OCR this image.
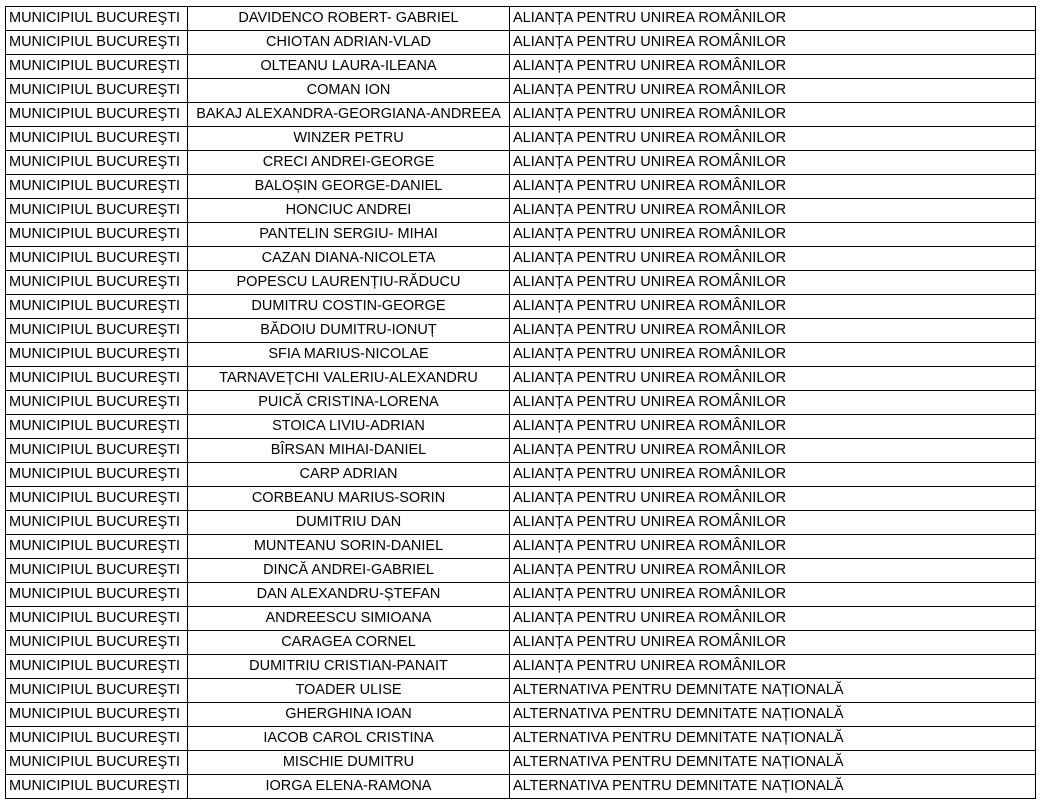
MUNICIPIUL BUCUREŞTI	DAVIDENCO ROBERT- GABRIEL	ALIANȚA PENTRU UNIREA ROMÂNILOR
MUNICIPIUL BUCUREŞTI	CHIOTAN ADRIAN-VLAD	ALIANȚA PENTRU UNIREA ROMÂNILOR
MUNICIPIUL BUCUREŞTI	OLTEANU LAURA-ILEANA	ALIANȚA PENTRU UNIREA ROMÂNILOR
MUNICIPIUL BUCUREŞTI	COMAN ION	ALIANȚA PENTRU UNIREA ROMÂNILOR
MUNICIPIUL BUCUREŞTI	BAKAJ ALEXANDRA-GEORGIANA-ANDREEA	ALIANȚA PENTRU UNIREA ROMÂNILOR
MUNICIPIUL BUCUREŞTI	WINZER PETRU	ALIANȚA PENTRU UNIREA ROMÂNILOR
MUNICIPIUL BUCUREŞTI	CRECI ANDREI-GEORGE	ALIANȚA PENTRU UNIREA ROMÂNILOR
MUNICIPIUL BUCUREŞTI	BALOȘIN GEORGE-DANIEL	ALIANȚA PENTRU UNIREA ROMÂNILOR
MUNICIPIUL BUCUREŞTI	HONCIUC ANDREI	ALIANȚA PENTRU UNIREA ROMÂNILOR
MUNICIPIUL BUCUREŞTI	PANTELIN SERGIU- MIHAI	ALIANȚA PENTRU UNIREA ROMÂNILOR
MUNICIPIUL BUCUREŞTI	CAZAN DIANA-NICOLETA	ALIANȚA PENTRU UNIREA ROMÂNILOR
MUNICIPIUL BUCUREŞTI	POPESCU LAURENȚIU-RĂDUCU	ALIANȚA PENTRU UNIREA ROMÂNILOR
MUNICIPIUL BUCUREŞTI	DUMITRU COSTIN-GEORGE	ALIANȚA PENTRU UNIREA ROMÂNILOR
MUNICIPIUL BUCUREŞTI	BĂDOIU DUMITRU-IONUȚ	ALIANȚA PENTRU UNIREA ROMÂNILOR
MUNICIPIUL BUCUREŞTI	SFIA MARIUS-NICOLAE	ALIANȚA PENTRU UNIREA ROMÂNILOR
MUNICIPIUL BUCUREŞTI	TARNAVEȚCHI VALERIU-ALEXANDRU	ALIANȚA PENTRU UNIREA ROMÂNILOR
MUNICIPIUL BUCUREŞTI	PUICĂ CRISTINA-LORENA	ALIANȚA PENTRU UNIREA ROMÂNILOR
MUNICIPIUL BUCUREŞTI	STOICA LIVIU-ADRIAN	ALIANȚA PENTRU UNIREA ROMÂNILOR
MUNICIPIUL BUCUREŞTI	BÎRSAN MIHAI-DANIEL	ALIANȚA PENTRU UNIREA ROMÂNILOR
MUNICIPIUL BUCUREŞTI	CARP ADRIAN	ALIANȚA PENTRU UNIREA ROMÂNILOR
MUNICIPIUL BUCUREŞTI	CORBEANU MARIUS-SORIN	ALIANȚA PENTRU UNIREA ROMÂNILOR
MUNICIPIUL BUCUREŞTI	DUMITRIU DAN	ALIANȚA PENTRU UNIREA ROMÂNILOR
MUNICIPIUL BUCUREŞTI	MUNTEANU SORIN-DANIEL	ALIANȚA PENTRU UNIREA ROMÂNILOR
MUNICIPIUL BUCUREŞTI	DINCĂ ANDREI-GABRIEL	ALIANȚA PENTRU UNIREA ROMÂNILOR
MUNICIPIUL BUCUREŞTI	DAN ALEXANDRU-ȘTEFAN	ALIANȚA PENTRU UNIREA ROMÂNILOR
MUNICIPIUL BUCUREŞTI	ANDREESCU SIMIOANA	ALIANȚA PENTRU UNIREA ROMÂNILOR
MUNICIPIUL BUCUREŞTI	CARAGEA CORNEL	ALIANȚA PENTRU UNIREA ROMÂNILOR
MUNICIPIUL BUCUREŞTI	DUMITRIU CRISTIAN-PANAIT	ALIANȚA PENTRU UNIREA ROMÂNILOR
MUNICIPIUL BUCUREŞTI	TOADER ULISE	ALTERNATIVA PENTRU DEMNITATE NAȚIONALĂ
MUNICIPIUL BUCUREŞTI	GHERGHINA IOAN	ALTERNATIVA PENTRU DEMNITATE NAȚIONALĂ
MUNICIPIUL BUCUREŞTI	IACOB CAROL CRISTINA	ALTERNATIVA PENTRU DEMNITATE NAȚIONALĂ
MUNICIPIUL BUCUREŞTI	MISCHIE DUMITRU	ALTERNATIVA PENTRU DEMNITATE NAȚIONALĂ
MUNICIPIUL BUCUREŞTI	IORGA ELENA-RAMONA	ALTERNATIVA PENTRU DEMNITATE NAȚIONALĂ
